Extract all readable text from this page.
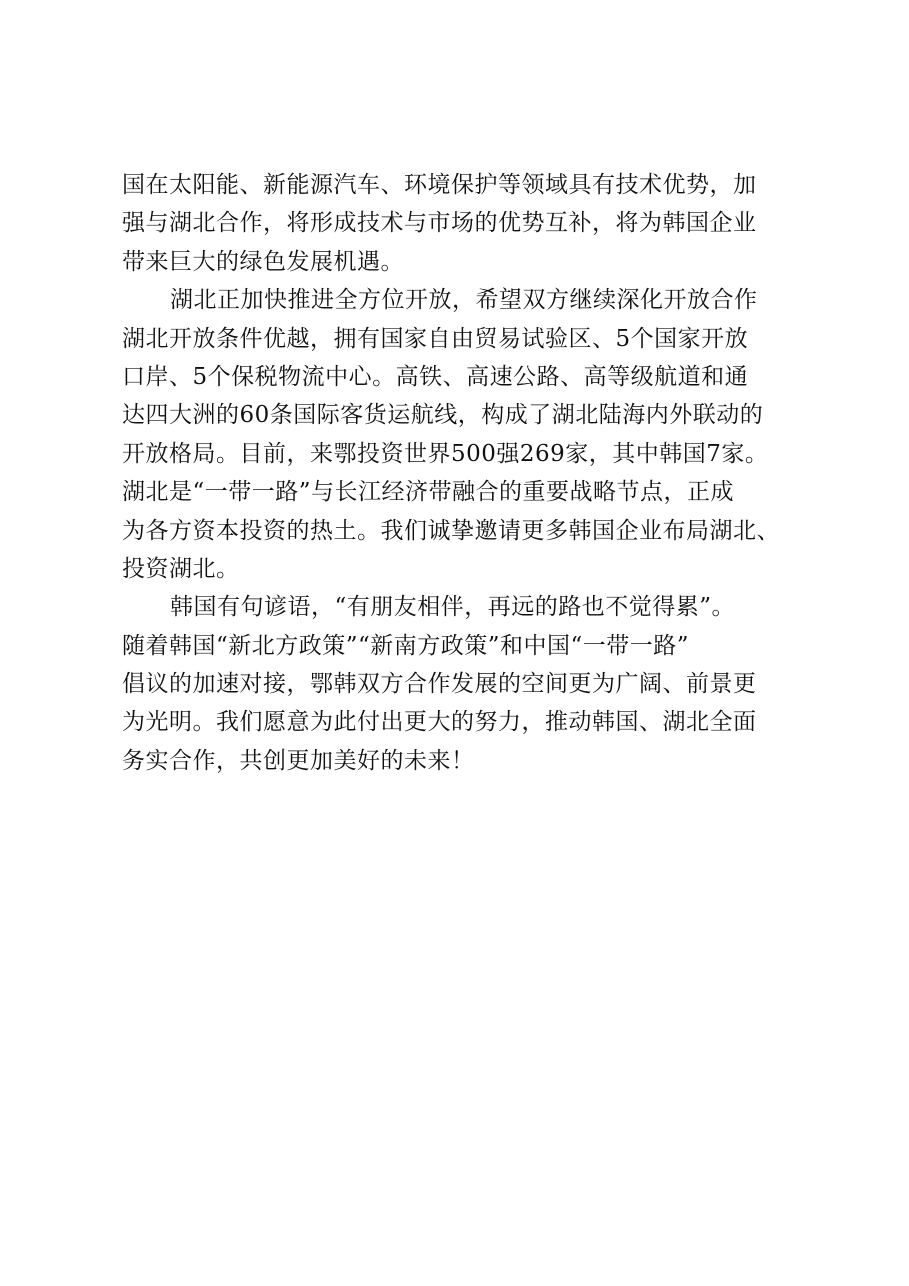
国在太阳能、新能源汽车、环境保护等领域具有技术优势，加
强与湖北合作，将形成技术与市场的优势互补，将为韩国企业
带来巨大的绿色发展机遇。
湖北正加快推进全方位开放，希望双方继续深化开放合作
湖北开放条件优越，拥有国家自由贸易试验区、5个国家开放
口岸、5个保税物流中心。高铁、高速公路、高等级航道和通
达四大洲的60条国际客货运航线，构成了湖北陆海内外联动的
开放格局。目前，来鄂投资世界500强269家，其中韩国7家。
湖北是“一带一路”与长江经济带融合的重要战略节点，正成
为各方资本投资的热土。我们诚挚邀请更多韩国企业布局湖北、
投资湖北。
韩国有句谚语，“有朋友相伴，再远的路也不觉得累”。
随着韩国“新北方政策”“新南方政策”和中国“一带一路”
倡议的加速对接，鄂韩双方合作发展的空间更为广阔、前景更
为光明。我们愿意为此付出更大的努力，推动韩国、湖北全面
务实合作，共创更加美好的未来！
